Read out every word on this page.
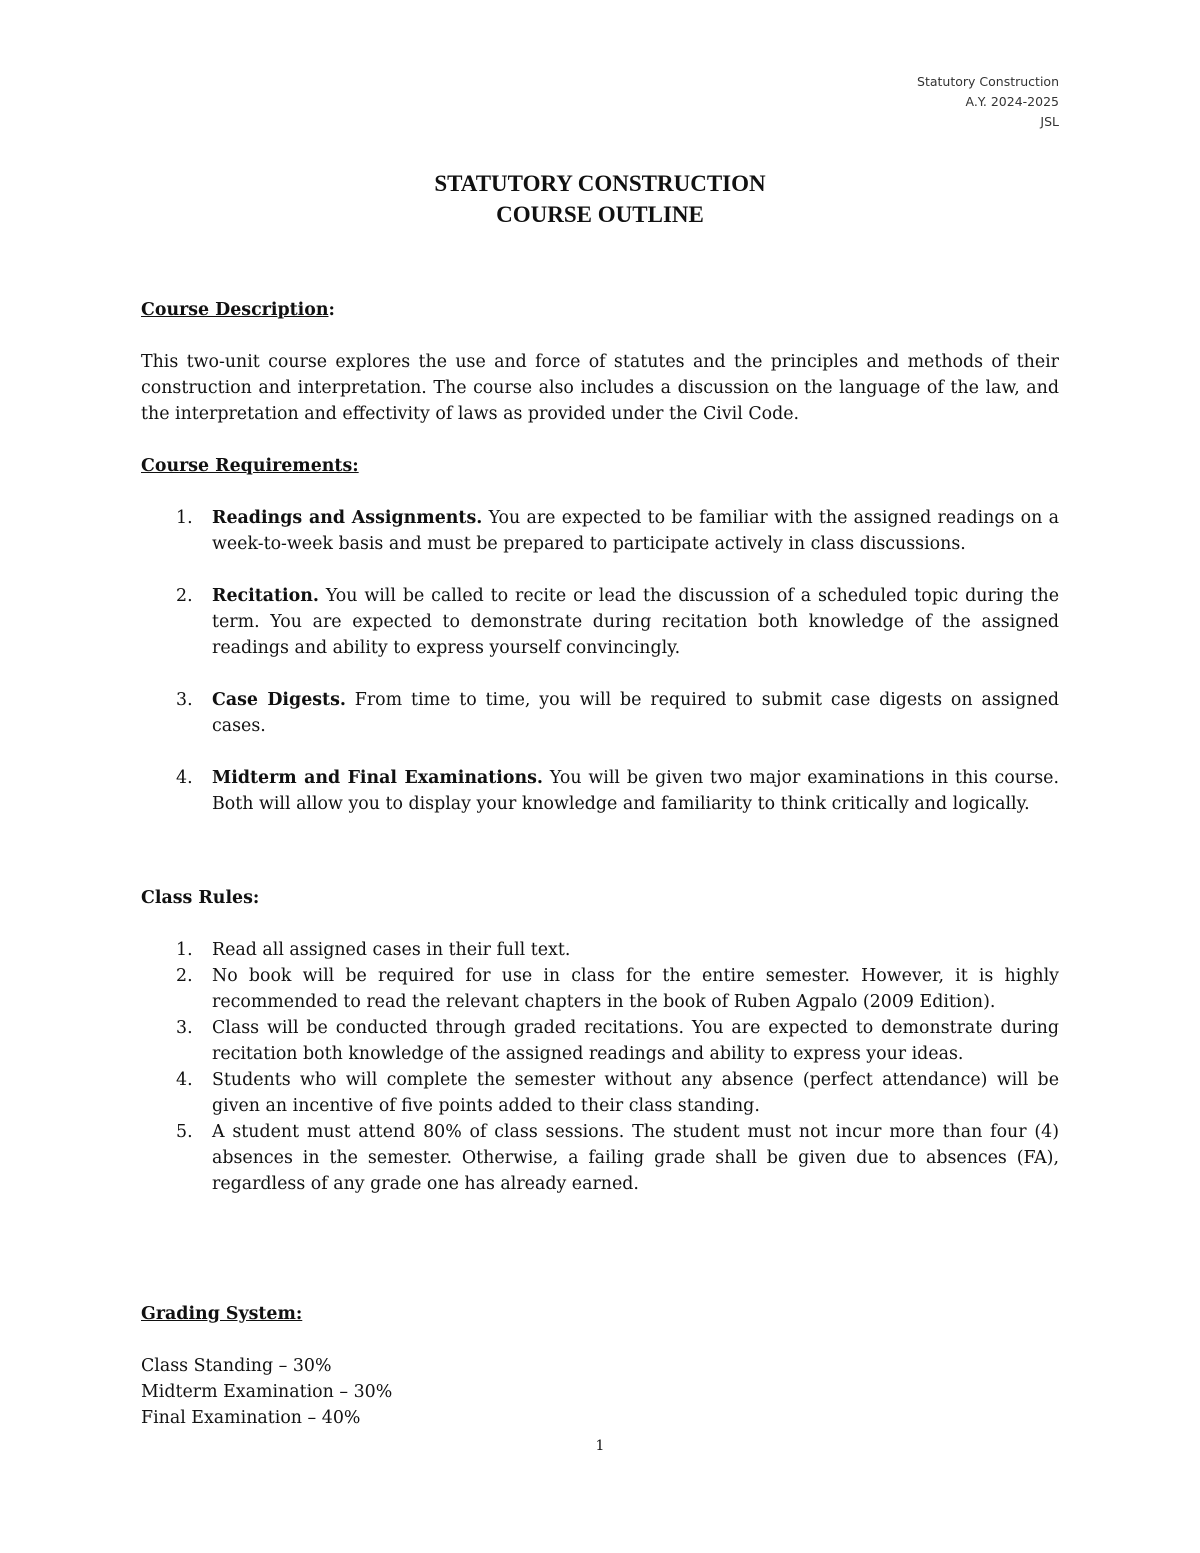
Statutory Construction
A.Y. 2024-2025
JSL
STATUTORY CONSTRUCTION
COURSE OUTLINE
Course Description:
This two-unit course explores the use and force of statutes and the principles and methods of their construction and interpretation. The course also includes a discussion on the language of the law, and the interpretation and effectivity of laws as provided under the Civil Code.
Course Requirements:
1. Readings and Assignments. You are expected to be familiar with the assigned readings on a week-to-week basis and must be prepared to participate actively in class discussions.
2. Recitation. You will be called to recite or lead the discussion of a scheduled topic during the term. You are expected to demonstrate during recitation both knowledge of the assigned readings and ability to express yourself convincingly.
3. Case Digests. From time to time, you will be required to submit case digests on assigned cases.
4. Midterm and Final Examinations. You will be given two major examinations in this course. Both will allow you to display your knowledge and familiarity to think critically and logically.
Class Rules:
1. Read all assigned cases in their full text.
2. No book will be required for use in class for the entire semester. However, it is highly recommended to read the relevant chapters in the book of Ruben Agpalo (2009 Edition).
3. Class will be conducted through graded recitations. You are expected to demonstrate during recitation both knowledge of the assigned readings and ability to express your ideas.
4. Students who will complete the semester without any absence (perfect attendance) will be given an incentive of five points added to their class standing.
5. A student must attend 80% of class sessions. The student must not incur more than four (4) absences in the semester. Otherwise, a failing grade shall be given due to absences (FA), regardless of any grade one has already earned.
Grading System:
Class Standing – 30%
Midterm Examination – 30%
Final Examination – 40%
1
